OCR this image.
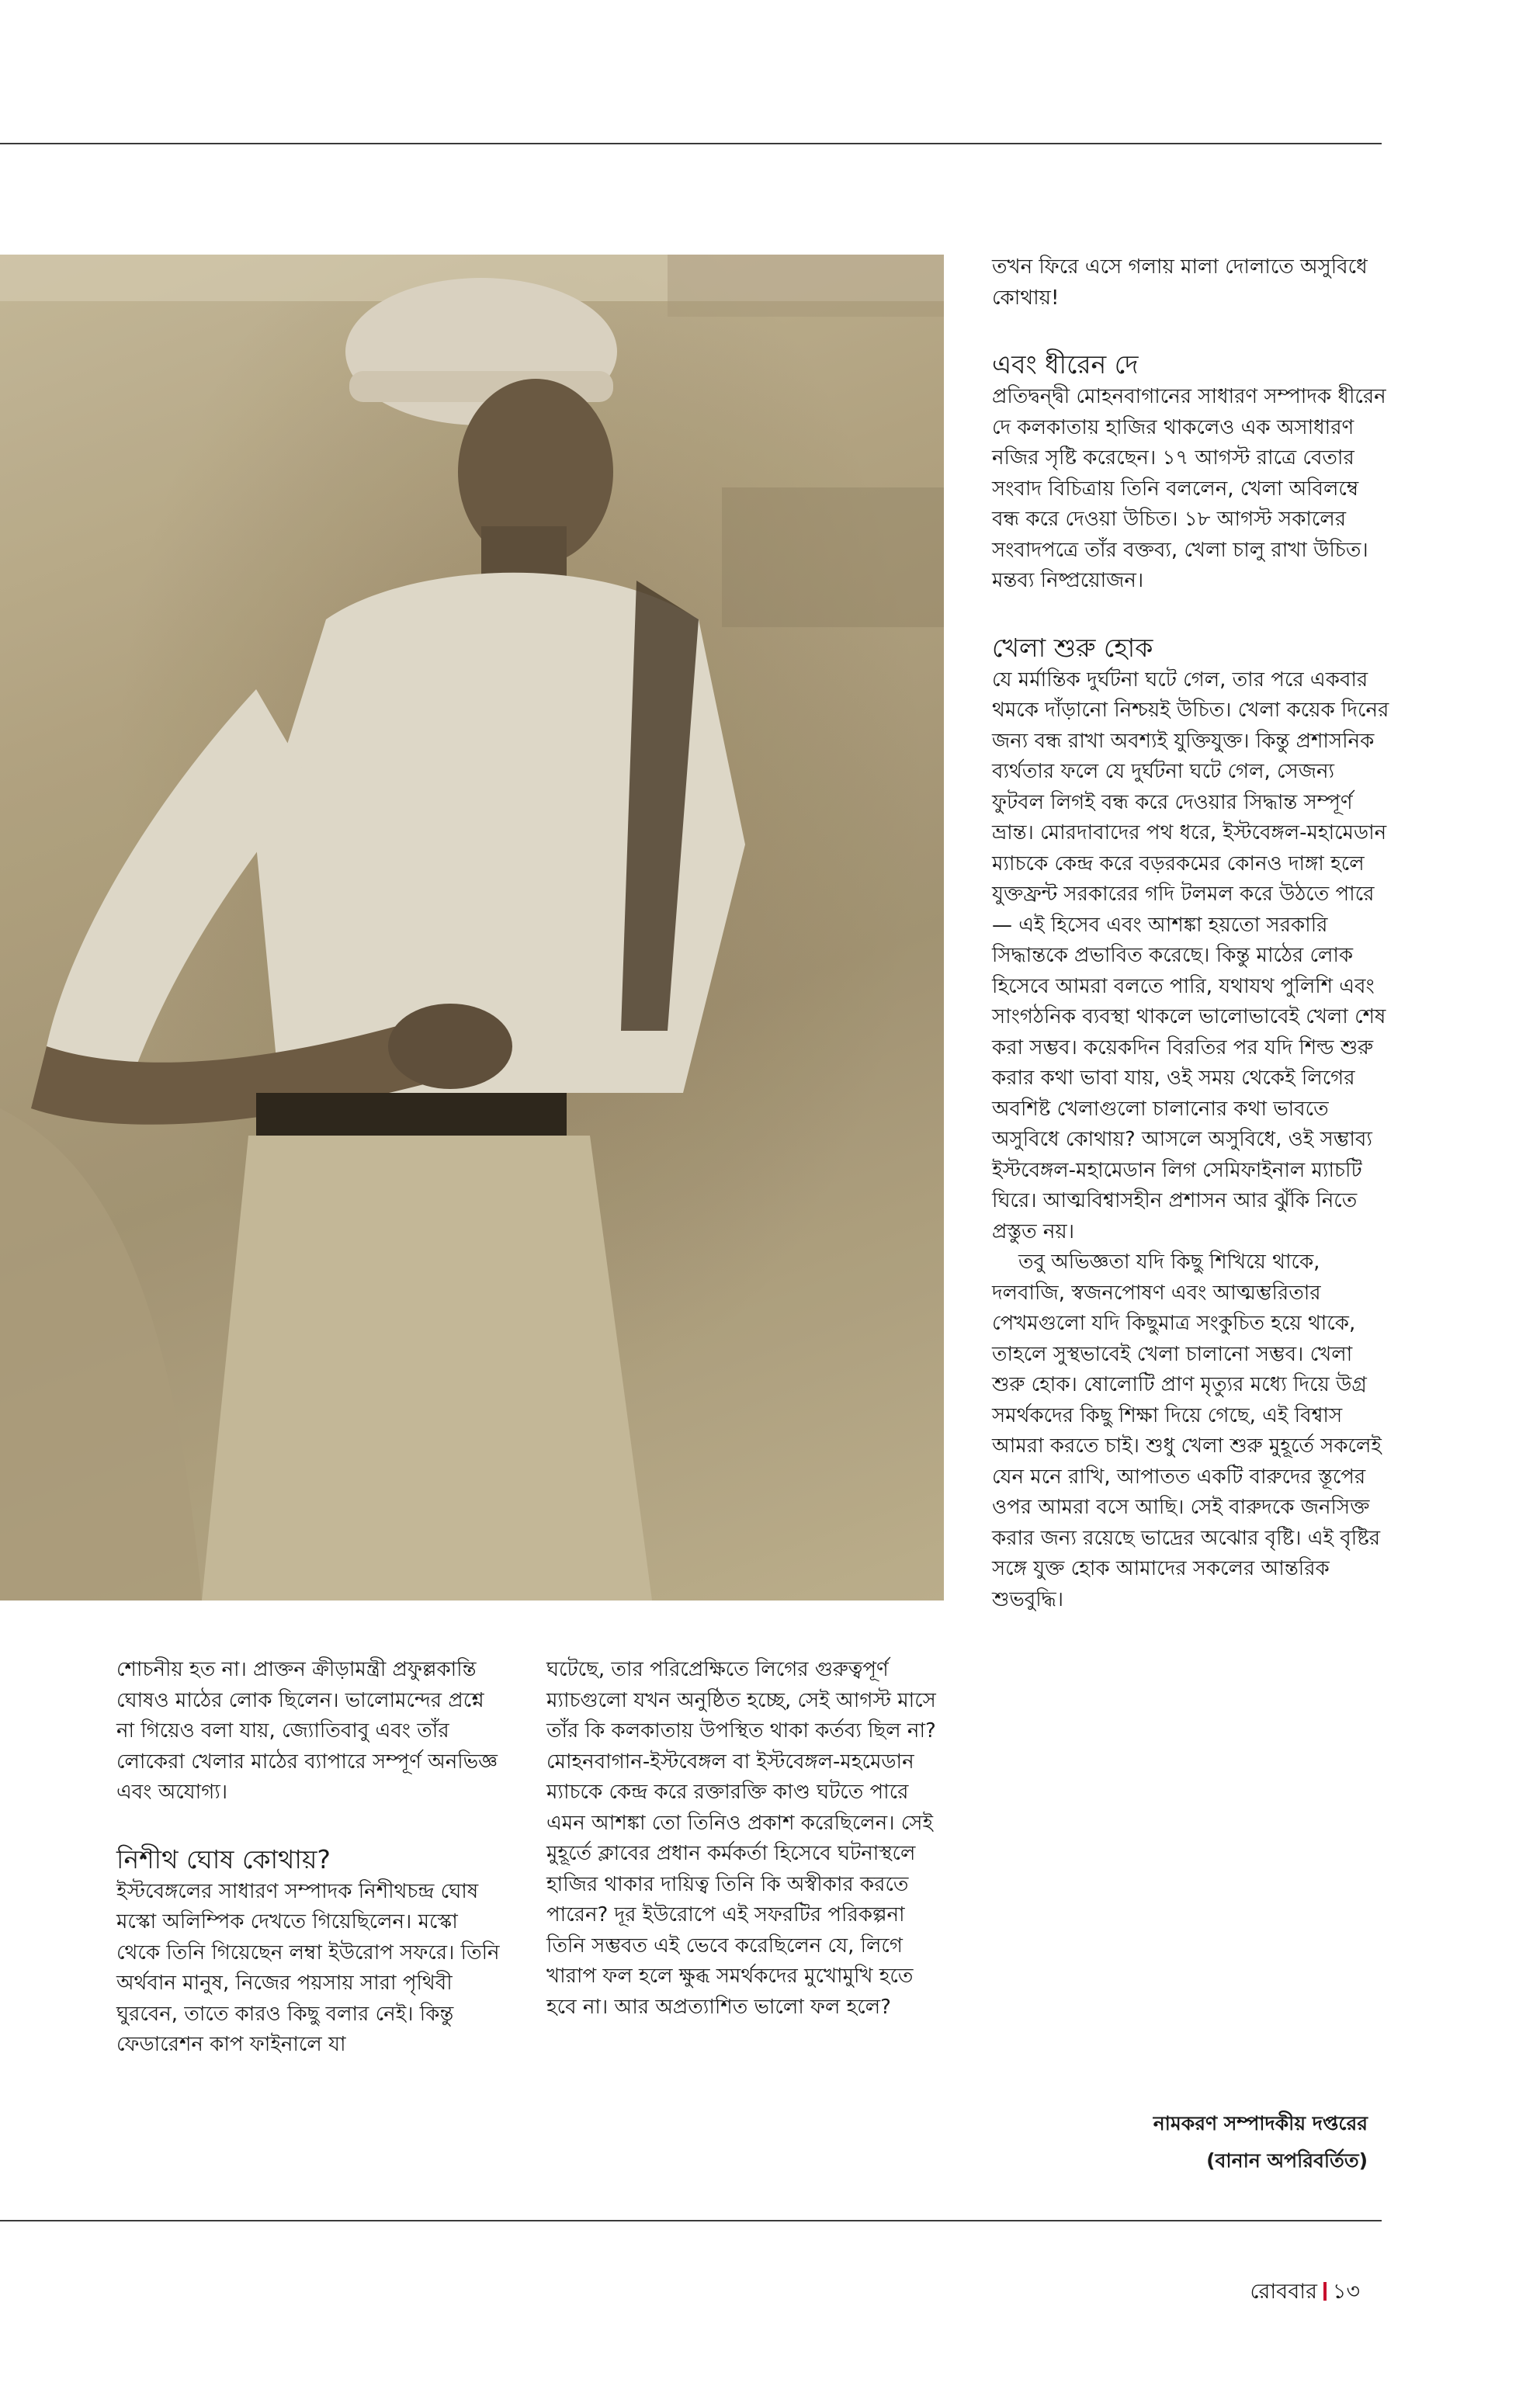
তখন ফিরে এসে গলায় মালা দোলাতে অসুবিধে কোথায়!

এবং ধীরেন দে

প্রতিদ্বন্দ্বী মোহনবাগানের সাধারণ সম্পাদক ধীরেন দে কলকাতায় হাজির থাকলেও এক অসাধারণ নজির সৃষ্টি করেছেন। ১৭ আগস্ট রাত্রে বেতার সংবাদ বিচিত্রায় তিনি বললেন, খেলা অবিলম্বে বন্ধ করে দেওয়া উচিত। ১৮ আগস্ট সকালের সংবাদপত্রে তাঁর বক্তব্য, খেলা চালু রাখা উচিত। মন্তব্য নিষ্প্রয়োজন।

খেলা শুরু হোক

যে মর্মান্তিক দুর্ঘটনা ঘটে গেল, তার পরে একবার থমকে দাঁড়ানো নিশ্চয়ই উচিত। খেলা কয়েক দিনের জন্য বন্ধ রাখা অবশ্যই যুক্তিযুক্ত। কিন্তু প্রশাসনিক ব্যর্থতার ফলে যে দুর্ঘটনা ঘটে গেল, সেজন্য ফুটবল লিগই বন্ধ করে দেওয়ার সিদ্ধান্ত সম্পূর্ণ ভ্রান্ত। মোরদাবাদের পথ ধরে, ইস্টবেঙ্গল-মহামেডান ম্যাচকে কেন্দ্র করে বড়রকমের কোনও দাঙ্গা হলে যুক্তফ্রন্ট সরকারের গদি টলমল করে উঠতে পারে— এই হিসেব এবং আশঙ্কা হয়তো সরকারি সিদ্ধান্তকে প্রভাবিত করেছে। কিন্তু মাঠের লোক হিসেবে আমরা বলতে পারি, যথাযথ পুলিশি এবং সাংগঠনিক ব্যবস্থা থাকলে ভালোভাবেই খেলা শেষ করা সম্ভব। কয়েকদিন বিরতির পর যদি শিল্ড শুরু করার কথা ভাবা যায়, ওই সময় থেকেই লিগের অবশিষ্ট খেলাগুলো চালানোর কথা ভাবতে অসুবিধে কোথায়? আসলে অসুবিধে, ওই সম্ভাব্য ইস্টবেঙ্গল-মহামেডান লিগ সেমিফাইনাল ম্যাচটি ঘিরে। আত্মবিশ্বাসহীন প্রশাসন আর ঝুঁকি নিতে প্রস্তুত নয়।

তবু অভিজ্ঞতা যদি কিছু শিখিয়ে থাকে, দলবাজি, স্বজনপোষণ এবং আত্মম্ভরিতার পেখমগুলো যদি কিছুমাত্র সংকুচিত হয়ে থাকে, তাহলে সুস্থভাবেই খেলা চালানো সম্ভব। খেলা শুরু হোক। ষোলোটি প্রাণ মৃত্যুর মধ্যে দিয়ে উগ্র সমর্থকদের কিছু শিক্ষা দিয়ে গেছে, এই বিশ্বাস আমরা করতে চাই। শুধু খেলা শুরু মুহূর্তে সকলেই যেন মনে রাখি, আপাতত একটি বারুদের স্তূপের ওপর আমরা বসে আছি। সেই বারুদকে জনসিক্ত করার জন্য রয়েছে ভাদ্রের অঝোর বৃষ্টি। এই বৃষ্টির সঙ্গে যুক্ত হোক আমাদের সকলের আন্তরিক শুভবুদ্ধি।

নামকরণ সম্পাদকীয় দপ্তরের
(বানান অপরিবর্তিত)

শোচনীয় হত না। প্রাক্তন ক্রীড়ামন্ত্রী প্রফুল্লকান্তি ঘোষও মাঠের লোক ছিলেন। ভালোমন্দের প্রশ্নে না গিয়েও বলা যায়, জ্যোতিবাবু এবং তাঁর লোকেরা খেলার মাঠের ব্যাপারে সম্পূর্ণ অনভিজ্ঞ এবং অযোগ্য।

নিশীথ ঘোষ কোথায়?

ইস্টবেঙ্গলের সাধারণ সম্পাদক নিশীথচন্দ্র ঘোষ মস্কো অলিম্পিক দেখতে গিয়েছিলেন। মস্কো থেকে তিনি গিয়েছেন লম্বা ইউরোপ সফরে। তিনি অর্থবান মানুষ, নিজের পয়সায় সারা পৃথিবী ঘুরবেন, তাতে কারও কিছু বলার নেই। কিন্তু ফেডারেশন কাপ ফাইনালে যা

ঘটেছে, তার পরিপ্রেক্ষিতে লিগের গুরুত্বপূর্ণ ম্যাচগুলো যখন অনুষ্ঠিত হচ্ছে, সেই আগস্ট মাসে তাঁর কি কলকাতায় উপস্থিত থাকা কর্তব্য ছিল না? মোহনবাগান-ইস্টবেঙ্গল বা ইস্টবেঙ্গল-মহমেডান ম্যাচকে কেন্দ্র করে রক্তারক্তি কাণ্ড ঘটতে পারে এমন আশঙ্কা তো তিনিও প্রকাশ করেছিলেন। সেই মুহূর্তে ক্লাবের প্রধান কর্মকর্তা হিসেবে ঘটনাস্থলে হাজির থাকার দায়িত্ব তিনি কি অস্বীকার করতে পারেন? দূর ইউরোপে এই সফরটির পরিকল্পনা তিনি সম্ভবত এই ভেবে করেছিলেন যে, লিগে খারাপ ফল হলে ক্ষুব্ধ সমর্থকদের মুখোমুখি হতে হবে না। আর অপ্রত্যাশিত ভালো ফল হলে?

রোববার ১৩
